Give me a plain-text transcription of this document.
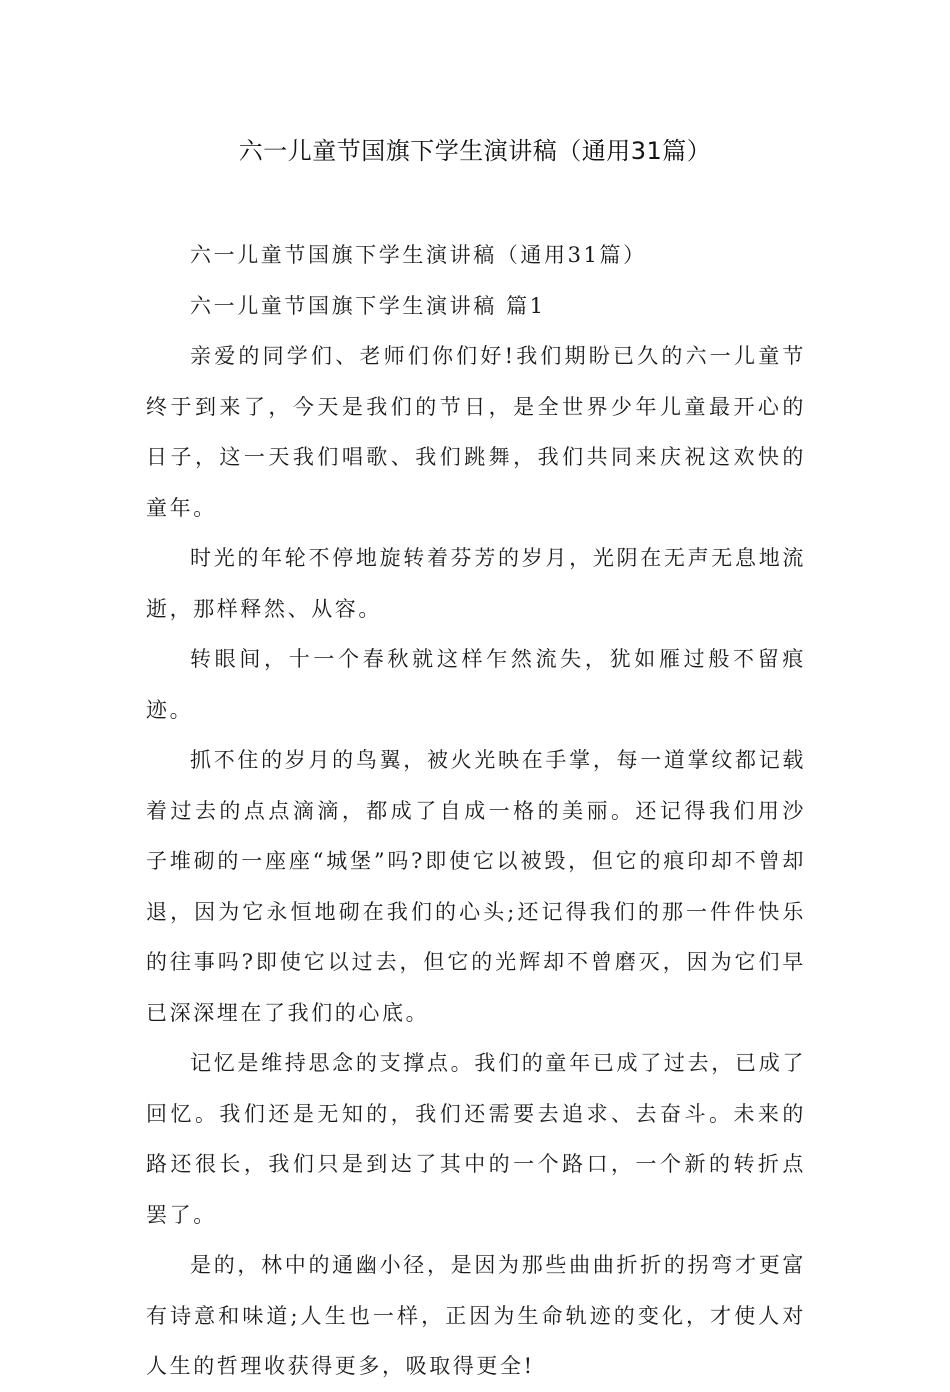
六一儿童节国旗下学生演讲稿（通用31篇）

六一儿童节国旗下学生演讲稿（通用31篇）

六一儿童节国旗下学生演讲稿 篇1

亲爱的同学们、老师们你们好!我们期盼已久的六一儿童节终于到来了，今天是我们的节日，是全世界少年儿童最开心的日子，这一天我们唱歌、我们跳舞，我们共同来庆祝这欢快的童年。

时光的年轮不停地旋转着芬芳的岁月，光阴在无声无息地流逝，那样释然、从容。

转眼间，十一个春秋就这样乍然流失，犹如雁过般不留痕迹。

抓不住的岁月的鸟翼，被火光映在手掌，每一道掌纹都记载着过去的点点滴滴，都成了自成一格的美丽。还记得我们用沙子堆砌的一座座“城堡”吗?即使它以被毁，但它的痕印却不曾却退，因为它永恒地砌在我们的心头;还记得我们的那一件件快乐的往事吗?即使它以过去，但它的光辉却不曾磨灭，因为它们早已深深埋在了我们的心底。

记忆是维持思念的支撑点。我们的童年已成了过去，已成了回忆。我们还是无知的，我们还需要去追求、去奋斗。未来的路还很长，我们只是到达了其中的一个路口，一个新的转折点罢了。

是的，林中的通幽小径，是因为那些曲曲折折的拐弯才更富有诗意和味道;人生也一样，正因为生命轨迹的变化，才使人对人生的哲理收获得更多，吸取得更全!
